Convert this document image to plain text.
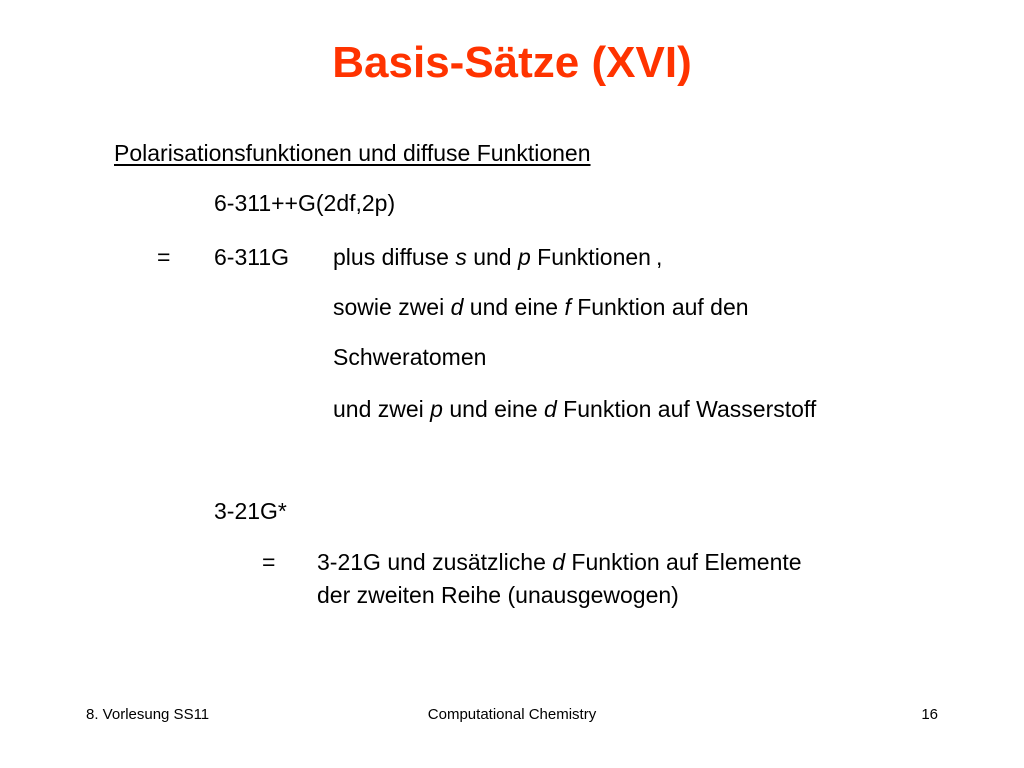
Basis-Sätze (XVI)
Polarisationsfunktionen und diffuse Funktionen
6-311++G(2df,2p)
= 6-311G plus diffuse s und p Funktionen ,
sowie zwei d und eine f Funktion auf den
Schweratomen
und zwei p und eine d Funktion auf Wasserstoff
3-21G*
= 3-21G und zusätzliche d Funktion auf Elemente
der zweiten Reihe (unausgewogen)
8. Vorlesung SS11	Computational Chemistry	16
